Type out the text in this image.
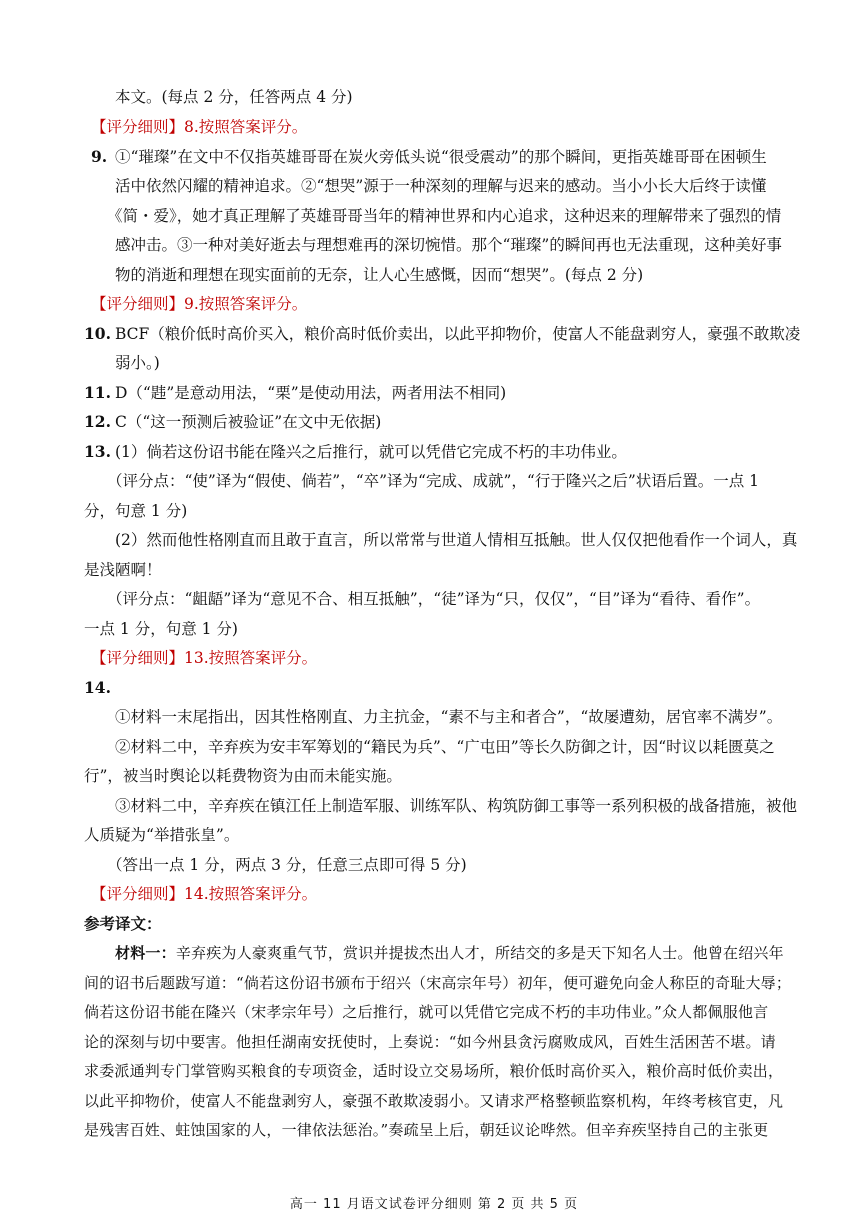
本文。(每点 2 分，任答两点 4 分)
【评分细则】8.按照答案评分。
9. ①“璀璨”在文中不仅指英雄哥哥在炭火旁低头说“很受震动”的那个瞬间，更指英雄哥哥在困顿生
活中依然闪耀的精神追求。②“想哭”源于一种深刻的理解与迟来的感动。当小小长大后终于读懂
《简・爱》，她才真正理解了英雄哥哥当年的精神世界和内心追求，这种迟来的理解带来了强烈的情
感冲击。③一种对美好逝去与理想难再的深切惋惜。那个“璀璨”的瞬间再也无法重现，这种美好事
物的消逝和理想在现实面前的无奈，让人心生感慨，因而“想哭”。(每点 2 分)
【评分细则】9.按照答案评分。
10. BCF（粮价低时高价买入，粮价高时低价卖出，以此平抑物价，使富人不能盘剥穷人，豪强不敢欺凌
弱小。)
11. D（“韪”是意动用法，“栗”是使动用法，两者用法不相同)
12. C（“这一预测后被验证”在文中无依据)
13. (1）倘若这份诏书能在隆兴之后推行，就可以凭借它完成不朽的丰功伟业。
（评分点：“使”译为“假使、倘若”，“卒”译为“完成、成就”，“行于隆兴之后”状语后置。一点 1
分，句意 1 分)
(2）然而他性格刚直而且敢于直言，所以常常与世道人情相互抵触。世人仅仅把他看作一个词人，真
是浅陋啊！
（评分点：“龃龉”译为“意见不合、相互抵触”，“徒”译为“只，仅仅”，“目”译为“看待、看作”。
一点 1 分，句意 1 分)
【评分细则】13.按照答案评分。
14.
①材料一末尾指出，因其性格刚直、力主抗金，“素不与主和者合”，“故屡遭劾，居官率不满岁”。
②材料二中，辛弃疾为安丰军筹划的“籍民为兵”、“广屯田”等长久防御之计，因“时议以耗匮莫之
行”，被当时舆论以耗费物资为由而未能实施。
③材料二中，辛弃疾在镇江任上制造军服、训练军队、构筑防御工事等一系列积极的战备措施，被他
人质疑为“举措张皇”。
（答出一点 1 分，两点 3 分，任意三点即可得 5 分)
【评分细则】14.按照答案评分。
参考译文：
材料一：辛弃疾为人豪爽重气节，赏识并提拔杰出人才，所结交的多是天下知名人士。他曾在绍兴年
间的诏书后题跋写道：“倘若这份诏书颁布于绍兴（宋高宗年号）初年，便可避免向金人称臣的奇耻大辱；
倘若这份诏书能在隆兴（宋孝宗年号）之后推行，就可以凭借它完成不朽的丰功伟业。”众人都佩服他言
论的深刻与切中要害。他担任湖南安抚使时，上奏说：“如今州县贪污腐败成风，百姓生活困苦不堪。请
求委派通判专门掌管购买粮食的专项资金，适时设立交易场所，粮价低时高价买入，粮价高时低价卖出，
以此平抑物价，使富人不能盘剥穷人，豪强不敢欺凌弱小。又请求严格整顿监察机构，年终考核官吏，凡
是残害百姓、蛀蚀国家的人，一律依法惩治。”奏疏呈上后，朝廷议论哗然。但辛弃疾坚持自己的主张更
高一 11 月语文试卷评分细则 第 2 页 共 5 页
